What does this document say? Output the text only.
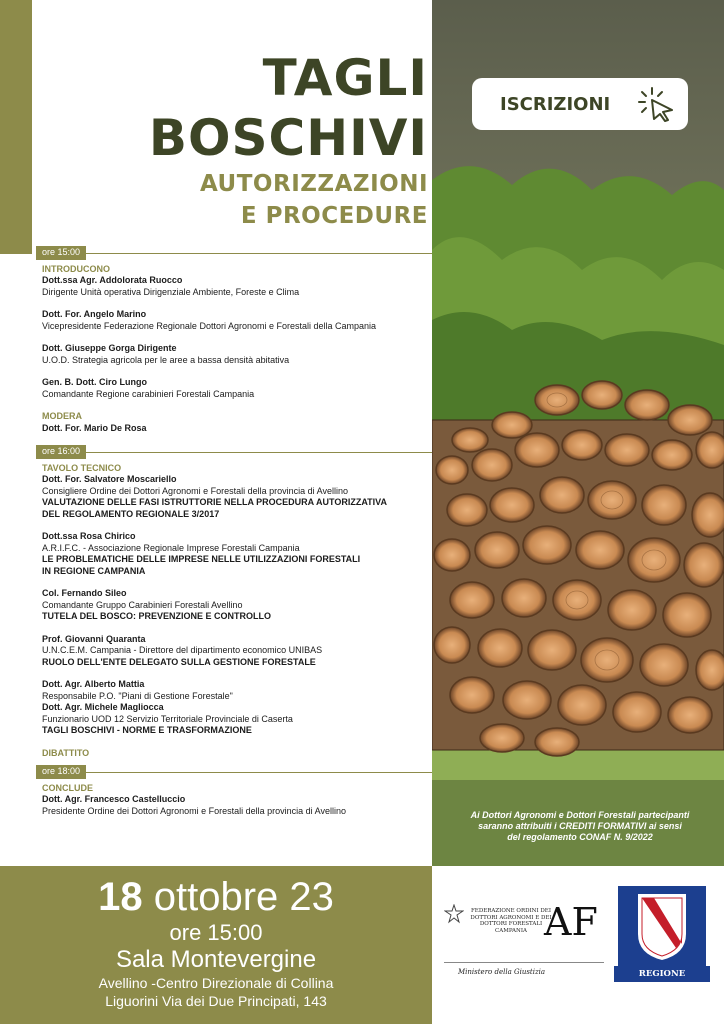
TAGLI
BOSCHIVI
AUTORIZZAZIONI
E PROCEDURE
ore 15:00
INTRODUCONO
Dott.ssa Agr. Addolorata Ruocco
Dirigente Unità operativa Dirigenziale Ambiente, Foreste e Clima
Dott. For. Angelo Marino
Vicepresidente Federazione Regionale Dottori Agronomi e Forestali della Campania
Dott. Giuseppe Gorga Dirigente
U.O.D. Strategia agricola per le aree a bassa densità abitativa
Gen. B. Dott. Ciro Lungo
Comandante Regione carabinieri Forestali Campania
MODERA
Dott. For. Mario De Rosa
ore 16:00
TAVOLO TECNICO
Dott. For. Salvatore Moscariello
Consigliere Ordine dei Dottori Agronomi e Forestali della provincia di Avellino
VALUTAZIONE DELLE FASI ISTRUTTORIE NELLA PROCEDURA AUTORIZZATIVA
DEL REGOLAMENTO REGIONALE 3/2017
Dott.ssa Rosa Chirico
A.R.I.F.C. - Associazione Regionale Imprese Forestali Campania
LE PROBLEMATICHE DELLE IMPRESE NELLE UTILIZZAZIONI FORESTALI
IN REGIONE CAMPANIA
Col. Fernando Sileo
Comandante Gruppo Carabinieri Forestali Avellino
TUTELA DEL BOSCO: PREVENZIONE E CONTROLLO
Prof. Giovanni Quaranta
U.N.C.E.M. Campania - Direttore del dipartimento economico UNIBAS
RUOLO DELL'ENTE DELEGATO SULLA GESTIONE FORESTALE
Dott. Agr. Alberto Mattia
Responsabile P.O. "Piani di Gestione Forestale"
Dott. Agr. Michele Magliocca
Funzionario UOD 12 Servizio Territoriale Provinciale di Caserta
TAGLI BOSCHIVI - NORME E TRASFORMAZIONE
DIBATTITO
ore 18:00
CONCLUDE
Dott. Agr. Francesco Castelluccio
Presidente Ordine dei Dottori Agronomi e Forestali della provincia di Avellino
ISCRIZIONI
Ai Dottori Agronomi e Dottori Forestali partecipanti
saranno attribuiti i CREDITI FORMATIVI ai sensi
del regolamento CONAF N. 9/2022
18 ottobre 23
ore 15:00
Sala Montevergine
Avellino -Centro Direzionale di Collina
Liguorini Via dei Due Principati, 143
FEDERAZIONE ORDINI DEI DOTTORI AGRONOMI E DEI DOTTORI FORESTALI CAMPANIA AF
Ministero della Giustizia	REGIONE CAMPANIA
